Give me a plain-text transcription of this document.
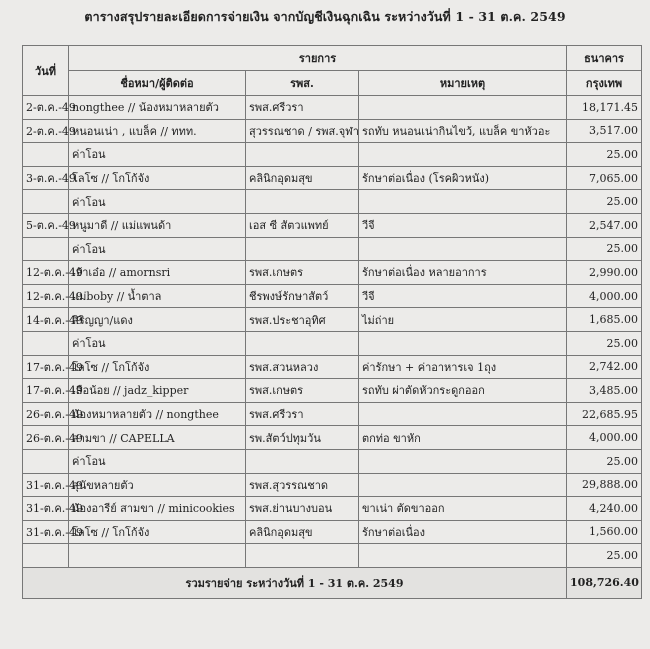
ตารางสรุปรายละเอียดการจ่ายเงิน จากบัญชีเงินฉุกเฉิน ระหว่างวันที่ 1 - 31 ต.ค. 2549
วันที่	รายการ			ธนาคาร
	ชื่อหมา/ผู้ติดต่อ	รพส.	หมายเหตุ	กรุงเทพ
2-ต.ค.-49	nongthee // น้องหมาหลายตัว	รพส.ศรีวรา		18,171.45
2-ต.ค.-49	หนอนเน่า , แบล็ค // ททท.	สุวรรณชาด / รพส.จุฬา	รถทับ หนอนเน่ากินไขว้, แบล็ค ขาหัวอะ	3,517.00
	ค่าโอน			25.00
3-ต.ค.-49	โลโซ // โกโก้จัง	คลินิกอุดมสุข	รักษาต่อเนื่อง (โรคผิวหนัง)	7,065.00
	ค่าโอน			25.00
5-ต.ค.-49	หนูมาดี // แม่แพนด้า	เอส ซี สัตวแพทย์	วีจี	2,547.00
	ค่าโอน			25.00
12-ต.ค.-49	เจ้าเอ๋อ // amornsri	รพส.เกษตร	รักษาต่อเนื่อง หลายอาการ	2,990.00
12-ต.ค.-49	แม่boby // น้ำตาล	ชีรพงษ์รักษาสัตว์	วีจี	4,000.00
14-ต.ค.-49	สิริญญา/แดง	รพส.ประชาอุทิศ	ไม่ถ่าย	1,685.00
	ค่าโอน			25.00
17-ต.ค.-49	โลโซ // โกโก้จัง	รพส.สวนหลวง	ค่ารักษา + ค่าอาหารเจ 1ถุง	2,742.00
17-ต.ค.-49	เสือน้อย // jadz_kipper	รพส.เกษตร	รถทับ ผ่าตัดหัวกระดูกออก	3,485.00
26-ต.ค.-49	น้องหมาหลายตัว // nongthee	รพส.ศรีวรา		22,685.95
26-ต.ค.-49	สามขา // CAPELLA	รพ.สัตว์ปทุมวัน	ตกท่อ ขาหัก	4,000.00
	ค่าโอน			25.00
31-ต.ค.-49	สุนัขหลายตัว	รพส.สุวรรณชาด		29,888.00
31-ต.ค.-49	น้องอารีย์ สามขา // minicookies	รพส.ย่านบางบอน	ขาเน่า ตัดขาออก	4,240.00
31-ต.ค.-49	โลโซ // โกโก้จัง	คลินิกอุดมสุข	รักษาต่อเนื่อง	1,560.00
				25.00
รวมรายจ่าย ระหว่างวันที่ 1 - 31 ต.ค. 2549				108,726.40
